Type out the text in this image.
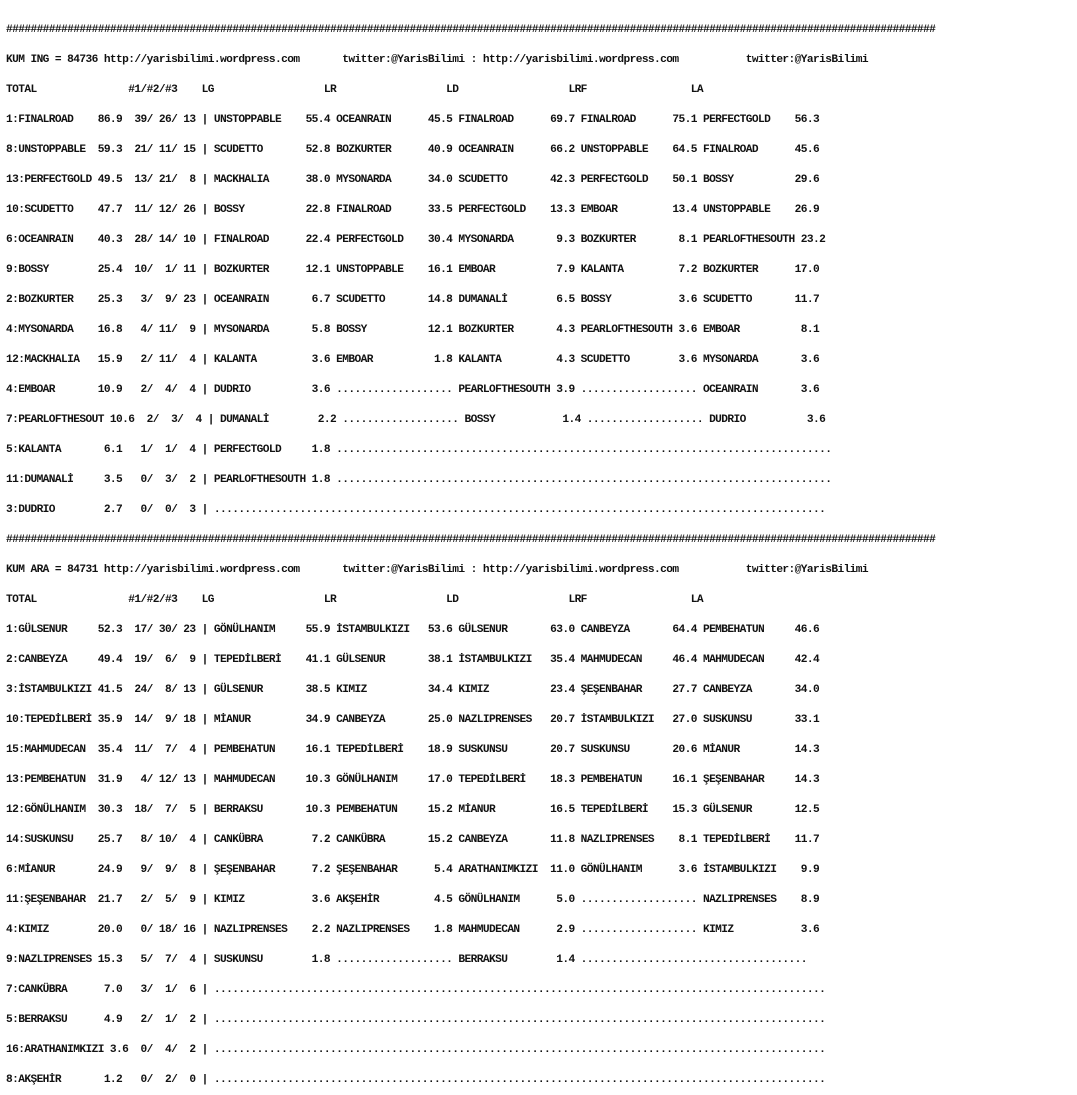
########################################################################################################################################################

KUM ING = 84736 http://yarisbilimi.wordpress.com       twitter:@YarisBilimi : http://yarisbilimi.wordpress.com           twitter:@YarisBilimi

TOTAL               #1/#2/#3    LG                  LR                  LD                  LRF                 LA

1:FINALROAD    86.9  39/ 26/ 13 | UNSTOPPABLE    55.4 OCEANRAIN      45.5 FINALROAD      69.7 FINALROAD      75.1 PERFECTGOLD    56.3

8:UNSTOPPABLE  59.3  21/ 11/ 15 | SCUDETTO       52.8 BOZKURTER      40.9 OCEANRAIN      66.2 UNSTOPPABLE    64.5 FINALROAD      45.6

13:PERFECTGOLD 49.5  13/ 21/  8 | MACKHALIA      38.0 MYSONARDA      34.0 SCUDETTO       42.3 PERFECTGOLD    50.1 BOSSY          29.6

10:SCUDETTO    47.7  11/ 12/ 26 | BOSSY          22.8 FINALROAD      33.5 PERFECTGOLD    13.3 EMBOAR         13.4 UNSTOPPABLE    26.9

6:OCEANRAIN    40.3  28/ 14/ 10 | FINALROAD      22.4 PERFECTGOLD    30.4 MYSONARDA       9.3 BOZKURTER       8.1 PEARLOFTHESOUTH 23.2

9:BOSSY        25.4  10/  1/ 11 | BOZKURTER      12.1 UNSTOPPABLE    16.1 EMBOAR          7.9 KALANTA         7.2 BOZKURTER      17.0

2:BOZKURTER    25.3   3/  9/ 23 | OCEANRAIN       6.7 SCUDETTO       14.8 DUMANALİ        6.5 BOSSY           3.6 SCUDETTO       11.7

4:MYSONARDA    16.8   4/ 11/  9 | MYSONARDA       5.8 BOSSY          12.1 BOZKURTER       4.3 PEARLOFTHESOUTH 3.6 EMBOAR          8.1

12:MACKHALIA   15.9   2/ 11/  4 | KALANTA         3.6 EMBOAR          1.8 KALANTA         4.3 SCUDETTO        3.6 MYSONARDA       3.6

4:EMBOAR       10.9   2/  4/  4 | DUDRIO          3.6 ................... PEARLOFTHESOUTH 3.9 ................... OCEANRAIN       3.6

7:PEARLOFTHESOUT 10.6  2/  3/  4 | DUMANALİ        2.2 ................... BOSSY           1.4 ................... DUDRIO          3.6

5:KALANTA       6.1   1/  1/  4 | PERFECTGOLD     1.8 .................................................................................

11:DUMANALİ     3.5   0/  3/  2 | PEARLOFTHESOUTH 1.8 .................................................................................

3:DUDRIO        2.7   0/  0/  3 | ....................................................................................................

########################################################################################################################################################

KUM ARA = 84731 http://yarisbilimi.wordpress.com       twitter:@YarisBilimi : http://yarisbilimi.wordpress.com           twitter:@YarisBilimi

TOTAL               #1/#2/#3    LG                  LR                  LD                  LRF                 LA

1:GÜLSENUR     52.3  17/ 30/ 23 | GÖNÜLHANIM     55.9 İSTAMBULKIZI   53.6 GÜLSENUR       63.0 CANBEYZA       64.4 PEMBEHATUN     46.6

2:CANBEYZA     49.4  19/  6/  9 | TEPEDİLBERİ    41.1 GÜLSENUR       38.1 İSTAMBULKIZI   35.4 MAHMUDECAN     46.4 MAHMUDECAN     42.4

3:İSTAMBULKIZI 41.5  24/  8/ 13 | GÜLSENUR       38.5 KIMIZ          34.4 KIMIZ          23.4 ŞEŞENBAHAR     27.7 CANBEYZA       34.0

10:TEPEDİLBERİ 35.9  14/  9/ 18 | MİANUR         34.9 CANBEYZA       25.0 NAZLIPRENSES   20.7 İSTAMBULKIZI   27.0 SUSKUNSU       33.1

15:MAHMUDECAN  35.4  11/  7/  4 | PEMBEHATUN     16.1 TEPEDİLBERİ    18.9 SUSKUNSU       20.7 SUSKUNSU       20.6 MİANUR         14.3

13:PEMBEHATUN  31.9   4/ 12/ 13 | MAHMUDECAN     10.3 GÖNÜLHANIM     17.0 TEPEDİLBERİ    18.3 PEMBEHATUN     16.1 ŞEŞENBAHAR     14.3

12:GÖNÜLHANIM  30.3  18/  7/  5 | BERRAKSU       10.3 PEMBEHATUN     15.2 MİANUR         16.5 TEPEDİLBERİ    15.3 GÜLSENUR       12.5

14:SUSKUNSU    25.7   8/ 10/  4 | CANKÜBRA        7.2 CANKÜBRA       15.2 CANBEYZA       11.8 NAZLIPRENSES    8.1 TEPEDİLBERİ    11.7

6:MİANUR       24.9   9/  9/  8 | ŞEŞENBAHAR      7.2 ŞEŞENBAHAR      5.4 ARATHANIMKIZI  11.0 GÖNÜLHANIM      3.6 İSTAMBULKIZI    9.9

11:ŞEŞENBAHAR  21.7   2/  5/  9 | KIMIZ           3.6 AKŞEHİR         4.5 GÖNÜLHANIM      5.0 ................... NAZLIPRENSES    8.9

4:KIMIZ        20.0   0/ 18/ 16 | NAZLIPRENSES    2.2 NAZLIPRENSES    1.8 MAHMUDECAN      2.9 ................... KIMIZ           3.6

9:NAZLIPRENSES 15.3   5/  7/  4 | SUSKUNSU        1.8 ................... BERRAKSU        1.4 .....................................

7:CANKÜBRA      7.0   3/  1/  6 | ....................................................................................................

5:BERRAKSU      4.9   2/  1/  2 | ....................................................................................................

16:ARATHANIMKIZI 3.6  0/  4/  2 | ....................................................................................................

8:AKŞEHİR       1.2   0/  2/  0 | ....................................................................................................
